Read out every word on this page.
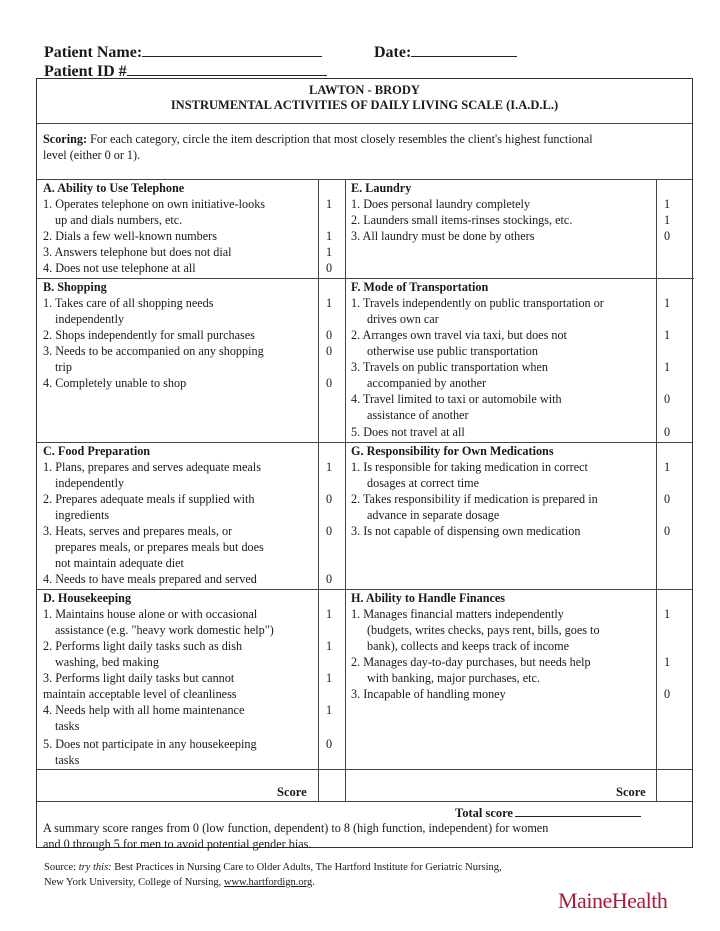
Patient Name:	Date:
Patient ID #
LAWTON - BRODY
INSTRUMENTAL ACTIVITIES OF DAILY LIVING SCALE (I.A.D.L.)
Scoring: For each category, circle the item description that most closely resembles the client's highest functional
level (either 0 or 1).
A. Ability to Use Telephone
1. Operates telephone on own initiative-looks
up and dials numbers, etc.
1
2. Dials a few well-known numbers	1
3. Answers telephone but does not dial	1
4. Does not use telephone at all	0
B. Shopping
1. Takes care of all shopping needs
independently
1
2. Shops independently for small purchases	0
3. Needs to be accompanied on any shopping
trip
0
4. Completely unable to shop	0
C. Food Preparation
1. Plans, prepares and serves adequate meals
independently
1
2. Prepares adequate meals if supplied with
ingredients
0
3. Heats, serves and prepares meals, or
prepares meals, or prepares meals but does
not maintain adequate diet
0
4. Needs to have meals prepared and served	0
D. Housekeeping
1. Maintains house alone or with occasional
assistance (e.g. "heavy work domestic help")
1
2. Performs light daily tasks such as dish
washing, bed making
1
3. Performs light daily tasks but cannot
maintain acceptable level of cleanliness
1
4. Needs help with all home maintenance
tasks
1
5. Does not participate in any housekeeping
tasks
0
E. Laundry
1. Does personal laundry completely	1
2. Launders small items-rinses stockings, etc.	1
3. All laundry must be done by others	0
F. Mode of Transportation
1. Travels independently on public transportation or
drives own car
1
2. Arranges own travel via taxi, but does not
otherwise use public transportation
1
3. Travels on public transportation when
accompanied by another
1
4. Travel limited to taxi or automobile with
assistance of another
0
5. Does not travel at all	0
G. Responsibility for Own Medications
1. Is responsible for taking medication in correct
dosages at correct time
1
2. Takes responsibility if medication is prepared in
advance in separate dosage
0
3. Is not capable of dispensing own medication	0
H. Ability to Handle Finances
1. Manages financial matters independently
(budgets, writes checks, pays rent, bills, goes to
bank), collects and keeps track of income
1
2. Manages day-to-day purchases, but needs help
with banking, major purchases, etc.
1
3. Incapable of handling money	0
Score	Score
Total score
A summary score ranges from 0 (low function, dependent) to 8 (high function, independent) for women
and 0 through 5 for men to avoid potential gender bias.
Source: try this: Best Practices in Nursing Care to Older Adults, The Hartford Institute for Geriatric Nursing,
New York University, College of Nursing, www.hartfordign.org.
MaineHealth
